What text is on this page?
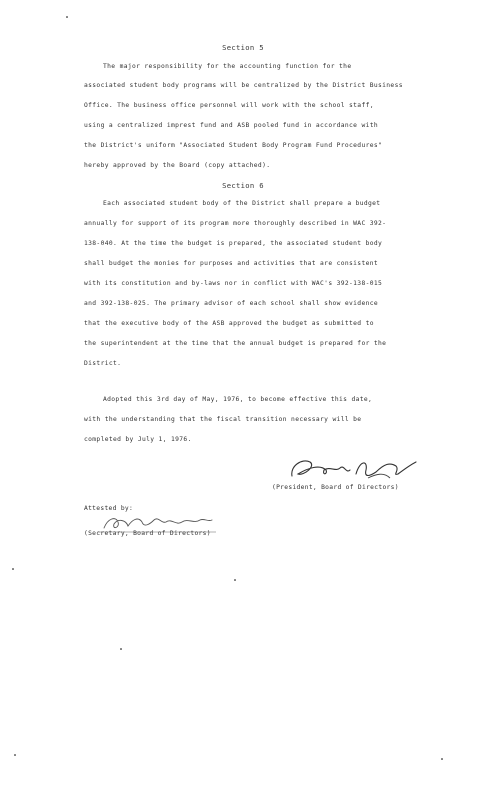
Section 5
The major responsibility for the accounting function for the
associated student body programs will be centralized by the District Business
Office. The business office personnel will work with the school staff,
using a centralized imprest fund and ASB pooled fund in accordance with
the District's uniform "Associated Student Body Program Fund Procedures"
hereby approved by the Board (copy attached).
Section 6
Each associated student body of the District shall prepare a budget
annually for support of its program more thoroughly described in WAC 392-
138-040. At the time the budget is prepared, the associated student body
shall budget the monies for purposes and activities that are consistent
with its constitution and by-laws nor in conflict with WAC's 392-138-015
and 392-138-025. The primary advisor of each school shall show evidence
that the executive body of the ASB approved the budget as submitted to
the superintendent at the time that the annual budget is prepared for the
District.
Adopted this 3rd day of May, 1976, to become effective this date,
with the understanding that the fiscal transition necessary will be
completed by July 1, 1976.
(President, Board of Directors)
Attested by:
(Secretary, Board of Directors)
